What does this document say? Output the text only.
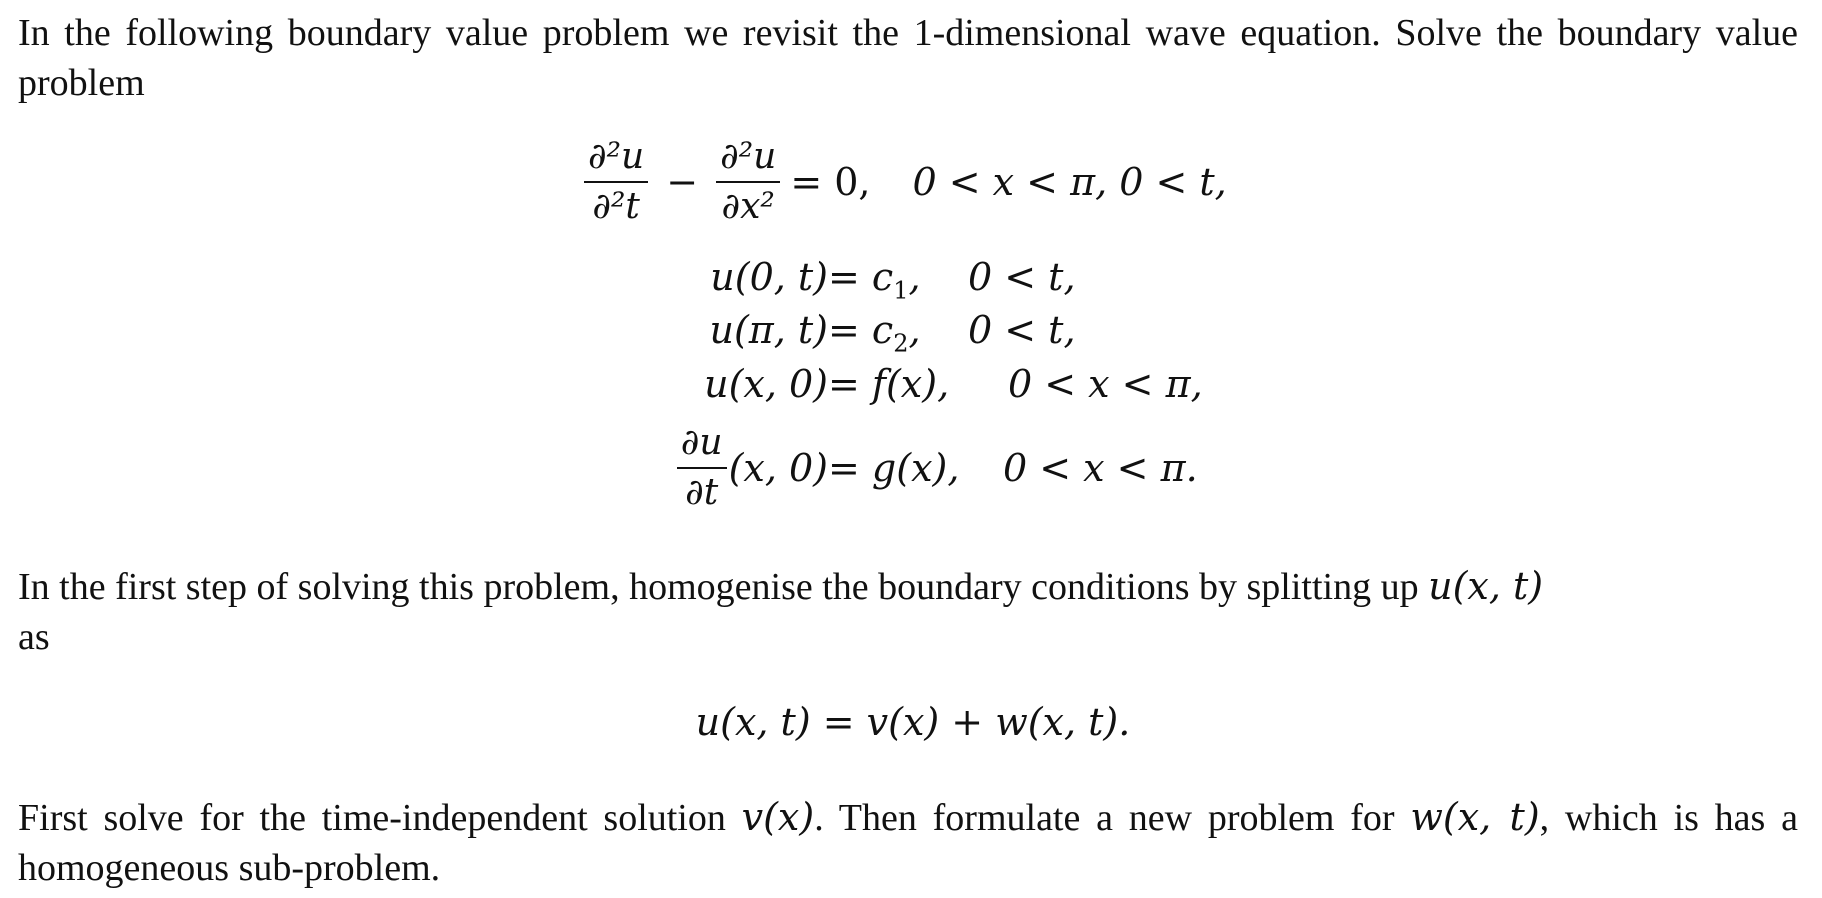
In the following boundary value problem we revisit the 1-dimensional wave equation. Solve the boundary value problem
$\frac{\text{∂²u}}{\text{∂²t}} - \frac{\text{∂²u}}{\text{∂x²}} = 0$, 0 < x < π, 0 < t,
u(0, $t) = c_1$, 0 < t,
u(π, $t) = c_2$, 0 < t,
u(x, 0) = f(x), 0 < x < π,
$\frac{\partial u}{\partial t} (x$, 0) = g(x), 0 < x < π.
In the first step of solving this problem, homogenise the boundary conditions by splitting up u(x, t)
as
u(x, t) = v(x) + w(x, t).
First solve for the time-independent solution v(x). Then formulate a new problem for w(x, t), which is has a homogeneous sub-problem.
